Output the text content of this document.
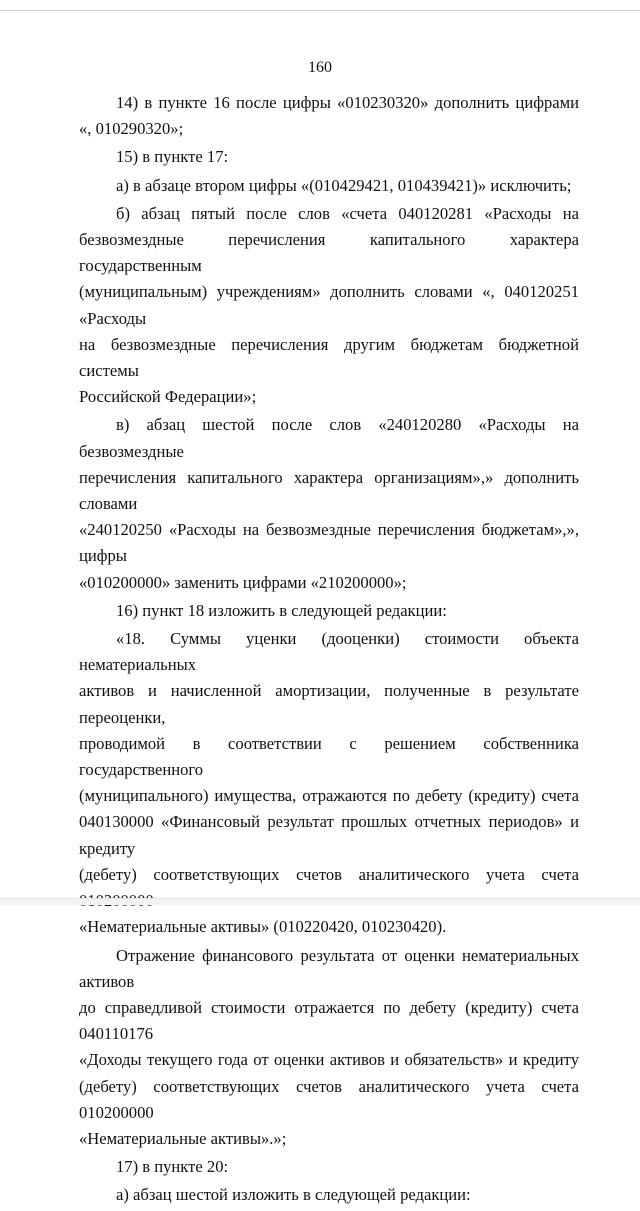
160
14) в пункте 16 после цифры «010230320» дополнить цифрами
«, 010290320»;
15) в пункте 17:
а) в абзаце втором цифры «(010429421, 010439421)» исключить;
б) абзац пятый после слов «счета 040120281 «Расходы на
безвозмездные перечисления капитального характера государственным
(муниципальным) учреждениям» дополнить словами «, 040120251 «Расходы
на безвозмездные перечисления другим бюджетам бюджетной системы
Российской Федерации»;
в) абзац шестой после слов «240120280 «Расходы на безвозмездные
перечисления капитального характера организациям»,» дополнить словами
«240120250 «Расходы на безвозмездные перечисления бюджетам»,», цифры
«010200000» заменить цифрами «210200000»;
16) пункт 18 изложить в следующей редакции:
«18. Суммы уценки (дооценки) стоимости объекта нематериальных
активов и начисленной амортизации, полученные в результате переоценки,
проводимой в соответствии с решением собственника государственного
(муниципального) имущества, отражаются по дебету (кредиту) счета
040130000 «Финансовый результат прошлых отчетных периодов» и кредиту
(дебету) соответствующих счетов аналитического учета счета
«Нематериальные активы» (010220420, 010230420).
Отражение финансового результата от оценки нематериальных активов
до справедливой стоимости отражается по дебету (кредиту) счета 040110176
«Доходы текущего года от оценки активов и обязательств» и кредиту
(дебету) соответствующих счетов аналитического учета счета 010200000
«Нематериальные активы».»;
17) в пункте 20:
а) абзац шестой изложить в следующей редакции:
